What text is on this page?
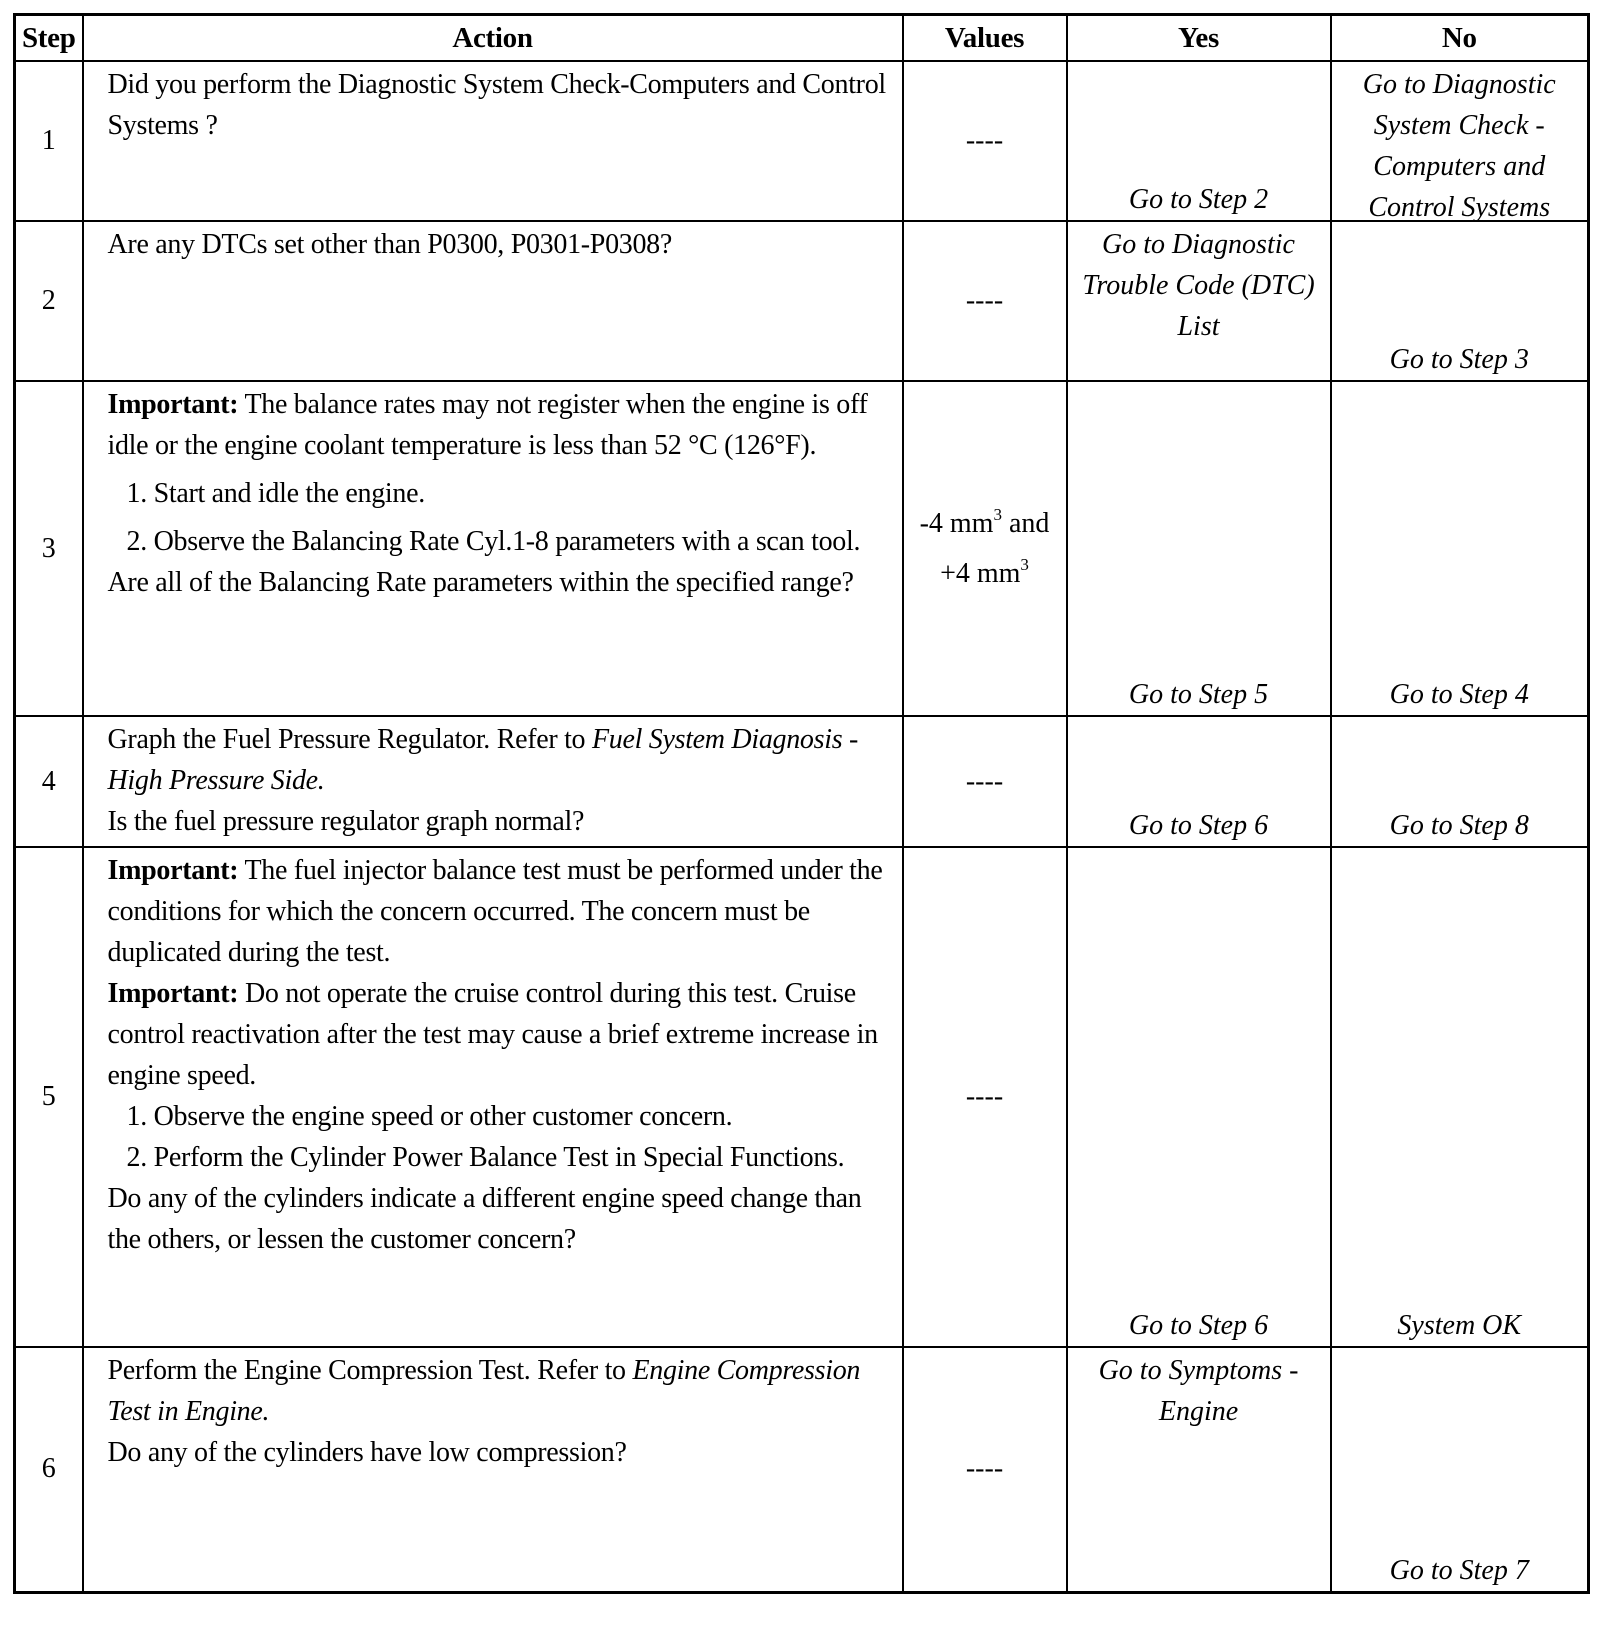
Step	Action	Values	Yes	No
1	Did you perform the Diagnostic System Check-Computers and Control Systems ?	----	Go to Step 2	Go to Diagnostic System Check - Computers and Control Systems

2	Are any DTCs set other than P0300, P0301-P0308?	----	Go to Diagnostic Trouble Code (DTC) List	Go to Step 3

3	Important: The balance rates may not register when the engine is off idle or the engine coolant temperature is less than 52 °C (126°F).
1. Start and idle the engine.
2. Observe the Balancing Rate Cyl.1-8 parameters with a scan tool.
Are all of the Balancing Rate parameters within the specified range?	-4 $mm^3$ and
+4 $mm^3$	Go to Step 5	Go to Step 4

4	Graph the Fuel Pressure Regulator. Refer to Fuel System Diagnosis - High Pressure Side.
Is the fuel pressure regulator graph normal?	----	Go to Step 6	Go to Step 8

5	Important: The fuel injector balance test must be performed under the conditions for which the concern occurred. The concern must be duplicated during the test.
Important: Do not operate the cruise control during this test. Cruise control reactivation after the test may cause a brief extreme increase in engine speed.
1. Observe the engine speed or other customer concern.
2. Perform the Cylinder Power Balance Test in Special Functions.
Do any of the cylinders indicate a different engine speed change than the others, or lessen the customer concern?	----	Go to Step 6	System OK

6	Perform the Engine Compression Test. Refer to Engine Compression Test in Engine.
Do any of the cylinders have low compression?	----	Go to Symptoms - Engine	Go to Step 7
